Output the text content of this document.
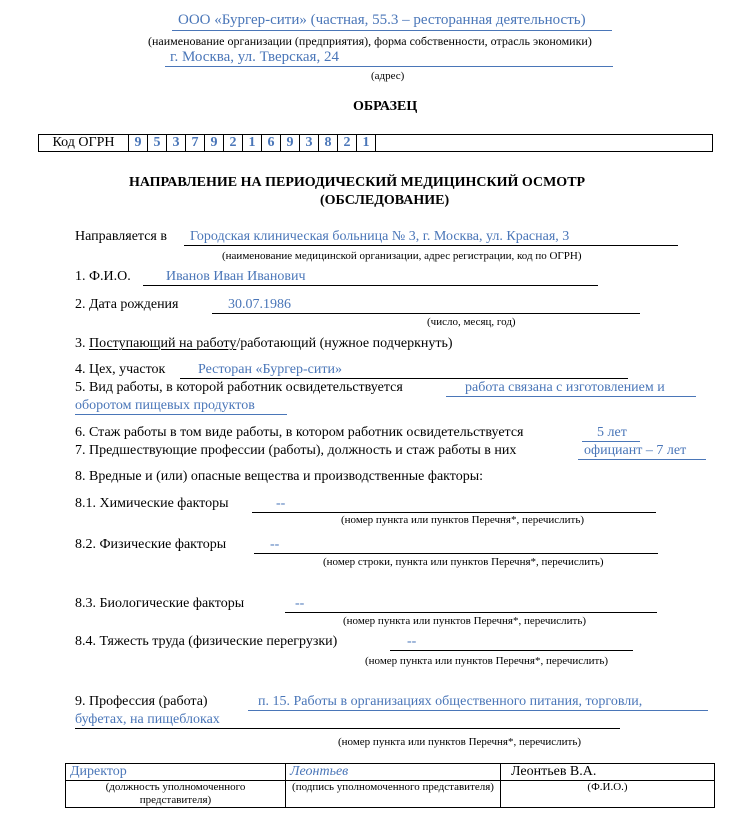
ООО «Бургер-сити» (частная, 55.3 – ресторанная деятельность)
(наименование организации (предприятия), форма собственности, отрасль экономики)
г. Москва, ул. Тверская, 24
(адрес)
ОБРАЗЕЦ
Код ОГРН	9 5 3 7 9 2 1 6 9 3 8 2 1
НАПРАВЛЕНИЕ НА ПЕРИОДИЧЕСКИЙ МЕДИЦИНСКИЙ ОСМОТР
(ОБСЛЕДОВАНИЕ)
Направляется в Городская клиническая больница № 3, г. Москва, ул. Красная, 3
(наименование медицинской организации, адрес регистрации, код по ОГРН)
1. Ф.И.О.	Иванов Иван Иванович
2. Дата рождения	30.07.1986
(число, месяц, год)
3. Поступающий на работу/работающий (нужное подчеркнуть)
4. Цех, участок Ресторан «Бургер-сити»
5. Вид работы, в которой работник освидетельствуется	работа связана с изготовлением и
оборотом пищевых продуктов
6. Стаж работы в том виде работы, в котором работник освидетельствуется	5 лет
7. Предшествующие профессии (работы), должность и стаж работы в них	официант – 7 лет
8. Вредные и (или) опасные вещества и производственные факторы:
8.1. Химические факторы	--
(номер пункта или пунктов Перечня*, перечислить)
8.2. Физические факторы	--
(номер строки, пункта или пунктов Перечня*, перечислить)
8.3. Биологические факторы	--
(номер пункта или пунктов Перечня*, перечислить)
8.4. Тяжесть труда (физические перегрузки)	--
(номер пункта или пунктов Перечня*, перечислить)
9. Профессия (работа)	п. 15. Работы в организациях общественного питания, торговли,
буфетах, на пищеблоках
(номер пункта или пунктов Перечня*, перечислить)
Директор	Леонтьев	Леонтьев В.А.
(должность уполномоченного представителя)	(подпись уполномоченного представителя)	(Ф.И.О.)
